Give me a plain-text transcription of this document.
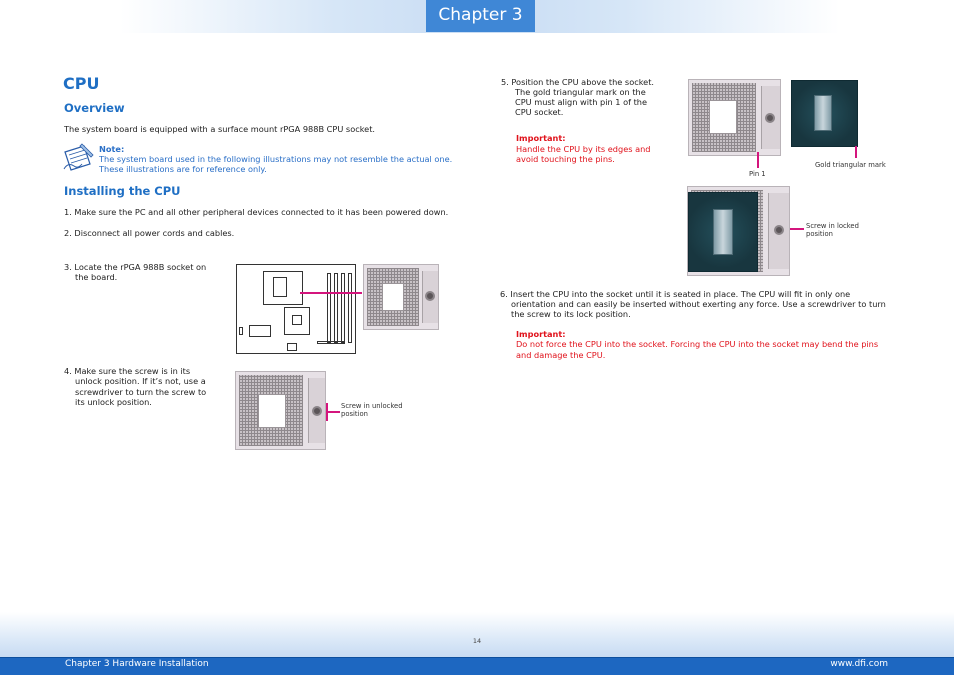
Chapter 3
CPU
Overview
The system board is equipped with a surface mount rPGA 988B CPU socket.
Note:
The system board used in the following illustrations may not resemble the actual one.
These illustrations are for reference only.
Installing the CPU
1. Make sure the PC and all other peripheral devices connected to it has been powered down.
2. Disconnect all power cords and cables.
3. Locate the rPGA 988B socket on
the board.
4. Make sure the screw is in its
unlock position. If it’s not, use a
screwdriver to turn the screw to
its unlock position.	Screw in unlocked
position
5. Position the CPU above the socket.
The gold triangular mark on the
CPU must align with pin 1 of the
CPU socket.
Important:
Handle the CPU by its edges and
avoid touching the pins.
Pin 1
Gold triangular mark
Screw in locked
position
6. Insert the CPU into the socket until it is seated in place. The CPU will fit in only one
orientation and can easily be inserted without exerting any force. Use a screwdriver to turn
the screw to its lock position.
Important:
Do not force the CPU into the socket. Forcing the CPU into the socket may bend the pins
and damage the CPU.
14
Chapter 3 Hardware Installation	www.dfi.com
